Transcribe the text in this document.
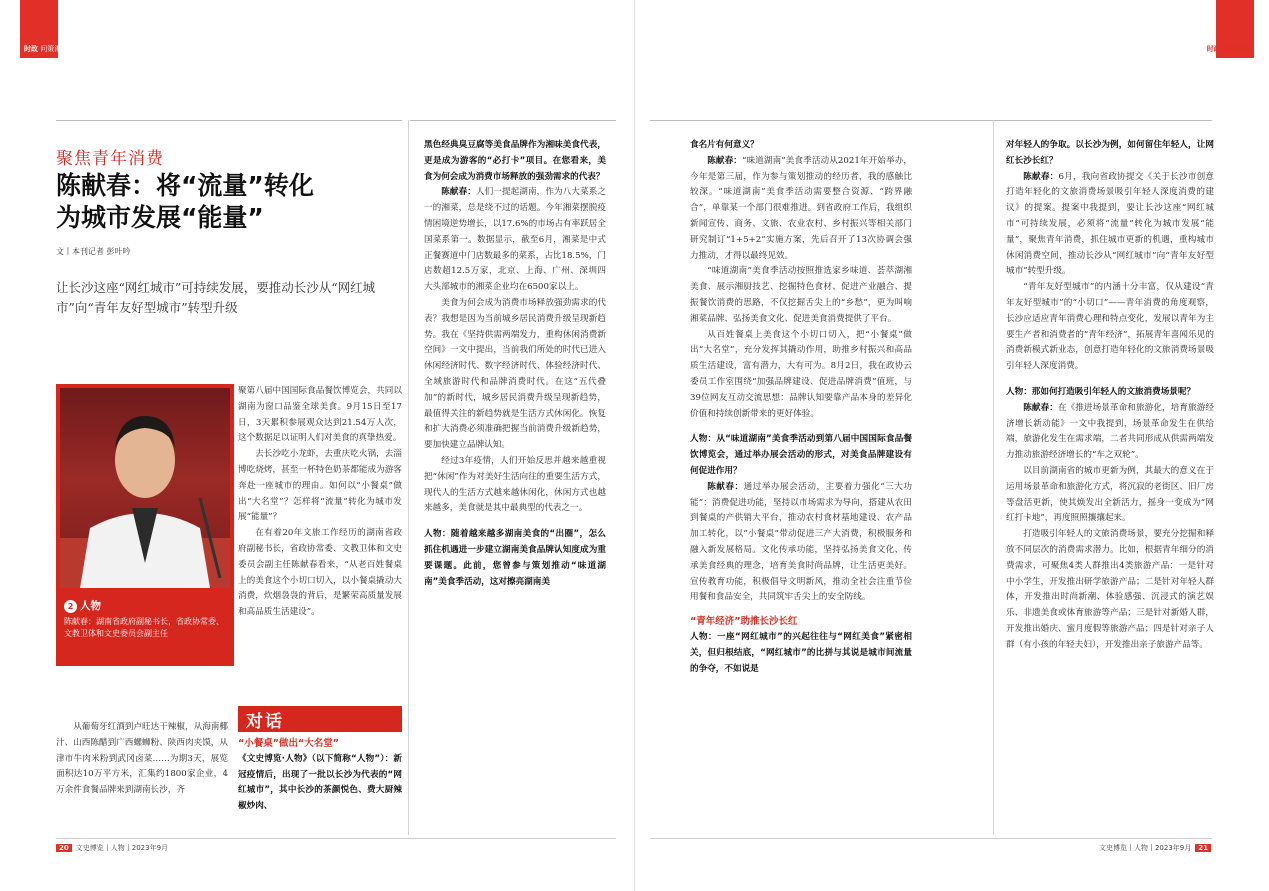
时政 问策湘湘	时政 问策湘湘
聚焦青年消费
陈献春：将“流量”转化
为城市发展“能量”
文丨本刊记者 彭叶吟
让长沙这座“网红城市”可持续发展，要推动长沙从“网红城市”向“青年友好型城市”转型升级
2 人物
陈献春：湖南省政府副秘书长，省政协常委、文教卫体和文史委员会副主任

从葡萄牙红酒到卢旺达干辣椒，从海南椰汁、山西陈醋到广西螺蛳粉、陕西肉夹馍，从津市牛肉米粉到武冈卤菜……为期3天，展览面积达10万平方米，汇集约1800家企业，4万余件食餐品牌来到湖南长沙，齐

聚第八届中国国际食品餐饮博览会，共同以湖南为窗口品鉴全球美食。9月15日至17日，3天累积参展观众达到21.54万人次，这个数据足以证明人们对美食的真挚热爱。

去长沙吃小龙虾，去重庆吃火锅，去淄博吃烧烤，甚至一杯特色奶茶都能成为游客奔赴一座城市的理由。如何以“小餐桌”做出“大名堂”？怎样将“流量”转化为城市发展“能量”？

在有着20年文旅工作经历的湖南省政府副秘书长，省政协常委、文教卫体和文史委员会副主任陈献春看来，“从老百姓餐桌上的美食这个小切口切入，以小餐桌撬动大消费，炊烟袅袅的背后，是繁荣高质量发展和高品质生活建设”。

对话

“小餐桌”做出“大名堂”

《文史博览·人物》（以下简称“人物”）：新冠疫情后，出现了一批以长沙为代表的“网红城市”，其中长沙的茶颜悦色、费大厨辣椒炒肉、

黑色经典臭豆腐等美食品牌作为湘味美食代表，更是成为游客的“必打卡”项目。在您看来，美食为何会成为消费市场释放的强劲需求的代表？

陈献春：人们一提起湖南，作为八大菜系之一的湘菜，总是绕不过的话题。今年湘菜摆脱疫情困境逆势增长，以17.6%的市场占有率跃居全国菜系第一。数据显示，截至6月，湘菜是中式正餐赛道中门店数最多的菜系，占比18.5%，门店数超12.5万家，北京、上海、广州、深圳四大头部城市的湘菜企业均在6500家以上。

美食为何会成为消费市场释放强劲需求的代表？我想是因为当前城乡居民消费升级呈现新趋势。我在《坚持供需两端发力，重构休闲消费新空间》一文中提出，当前我们所处的时代已进入休闲经济时代、数字经济时代、体验经济时代、全域旅游时代和品牌消费时代。在这“五代叠加”的新时代，城乡居民消费升级呈现新趋势，最值得关注的新趋势就是生活方式休闲化。恢复和扩大消费必须准确把握当前消费升级新趋势，要加快建立品牌认知。

经过3年疫情，人们开始反思并越来越重视把“休闲”作为对美好生活向往的重要生活方式，现代人的生活方式越来越休闲化，休闲方式也越来越多，美食就是其中最典型的代表之一。

人物：随着越来越多湖南美食的“出圈”，怎么抓住机遇进一步建立湖南美食品牌认知度成为重要课题。此前，您曾参与策划推动“味道湖南”美食季活动，这对擦亮湖南美

食名片有何意义？

陈献春：“味道湖南”美食季活动从2021年开始举办，今年是第三届，作为参与策划推动的经历者，我的感触比较深。“味道湖南”美食季活动需要整合资源、“跨界融合”，单靠某一个部门很难推进。到省政府工作后，我组织新闻宣传、商务、文旅、农业农村、乡村振兴等相关部门研究制订“1+5+2”实施方案，先后召开了13次协调会强力推动，才得以最终见效。

“味道湖南”美食季活动按照推选家乡味道、荟萃湖湘美食、展示湘厨技艺、挖掘特色食材、促进产业融合、提振餐饮消费的思路，不仅挖掘舌尖上的“乡愁”，更为叫响湘菜品牌、弘扬美食文化、促进美食消费提供了平台。

从百姓餐桌上美食这个小切口切入，把“小餐桌”做出“大名堂”，充分发挥其撬动作用，助推乡村振兴和高品质生活建设，富有潜力，大有可为。8月2日，我在政协云委员工作室围绕“加强品牌建设、促进品牌消费”值班，与39位网友互动交流思想：品牌认知要靠产品本身的差异化价值和持续创新带来的更好体验。

人物：从“味道湖南”美食季活动到第八届中国国际食品餐饮博览会，通过举办展会活动的形式，对美食品牌建设有何促进作用？

陈献春：通过举办展会活动，主要着力强化“三大功能”：消费促进功能，坚持以市场需求为导向，搭建从农田到餐桌的产供销大平台，推动农村食材基地建设、农产品加工转化，以“小餐桌”带动促进三产大消费，积极服务和融入新发展格局。文化传承功能，坚持弘扬美食文化、传承美食经典的理念，培育美食时尚品牌，让生活更美好。宣传教育功能，积极倡导文明新风，推动全社会注重节俭用餐和食品安全，共同筑牢舌尖上的安全防线。

“青年经济”助推长沙长红

人物：一座“网红城市”的兴起往往与“网红美食”紧密相关，但归根结底，“网红城市”的比拼与其说是城市间流量的争夺，不如说是

对年轻人的争取。以长沙为例，如何留住年轻人，让网红长沙长红？

陈献春：6月，我向省政协提交《关于长沙市创意打造年轻化的文旅消费场景吸引年轻人深度消费的建议》的提案。提案中我提到，要让长沙这座“网红城市”可持续发展，必须将“流量”转化为城市发展“能量”，聚焦青年消费，抓住城市更新的机遇，重构城市休闲消费空间，推动长沙从“网红城市”向“青年友好型城市”转型升级。

“青年友好型城市”的内涵十分丰富，仅从建设“青年友好型城市”的“小切口”——青年消费的角度观察，长沙应适应青年消费心理和特点变化，发展以青年为主要生产者和消费者的“青年经济”，拓展青年喜闻乐见的消费新模式新业态，创意打造年轻化的文旅消费场景吸引年轻人深度消费。

人物：那如何打造吸引年轻人的文旅消费场景呢？

陈献春：在《推进场景革命和旅游化，培育旅游经济增长新动能》一文中我提到，场景革命发生在供给端，旅游化发生在需求端，二者共同形成从供需两端发力推动旅游经济增长的“车之双轮”。

以目前湖南省的城市更新为例，其最大的意义在于运用场景革命和旅游化方式，将沉寂的老街区、旧厂房等盘活更新，使其焕发出全新活力，摇身一变成为“网红打卡地”，再度照照攘攘起来。

打造吸引年轻人的文旅消费场景，要充分挖掘和释放不同层次的消费需求潜力。比如，根据青年细分的消费需求，可聚焦4类人群推出4类旅游产品：一是针对中小学生，开发推出研学旅游产品；二是针对年轻人群体，开发推出时尚新潮、体验感强、沉浸式的演艺娱乐、非遗美食或体育旅游等产品；三是针对新婚人群，开发推出婚庆、蜜月度假等旅游产品；四是针对亲子人群（有小孩的年轻夫妇），开发推出亲子旅游产品等。

20 文史博览丨人物丨2023年9月	文史博览丨人物丨2023年9月 21
